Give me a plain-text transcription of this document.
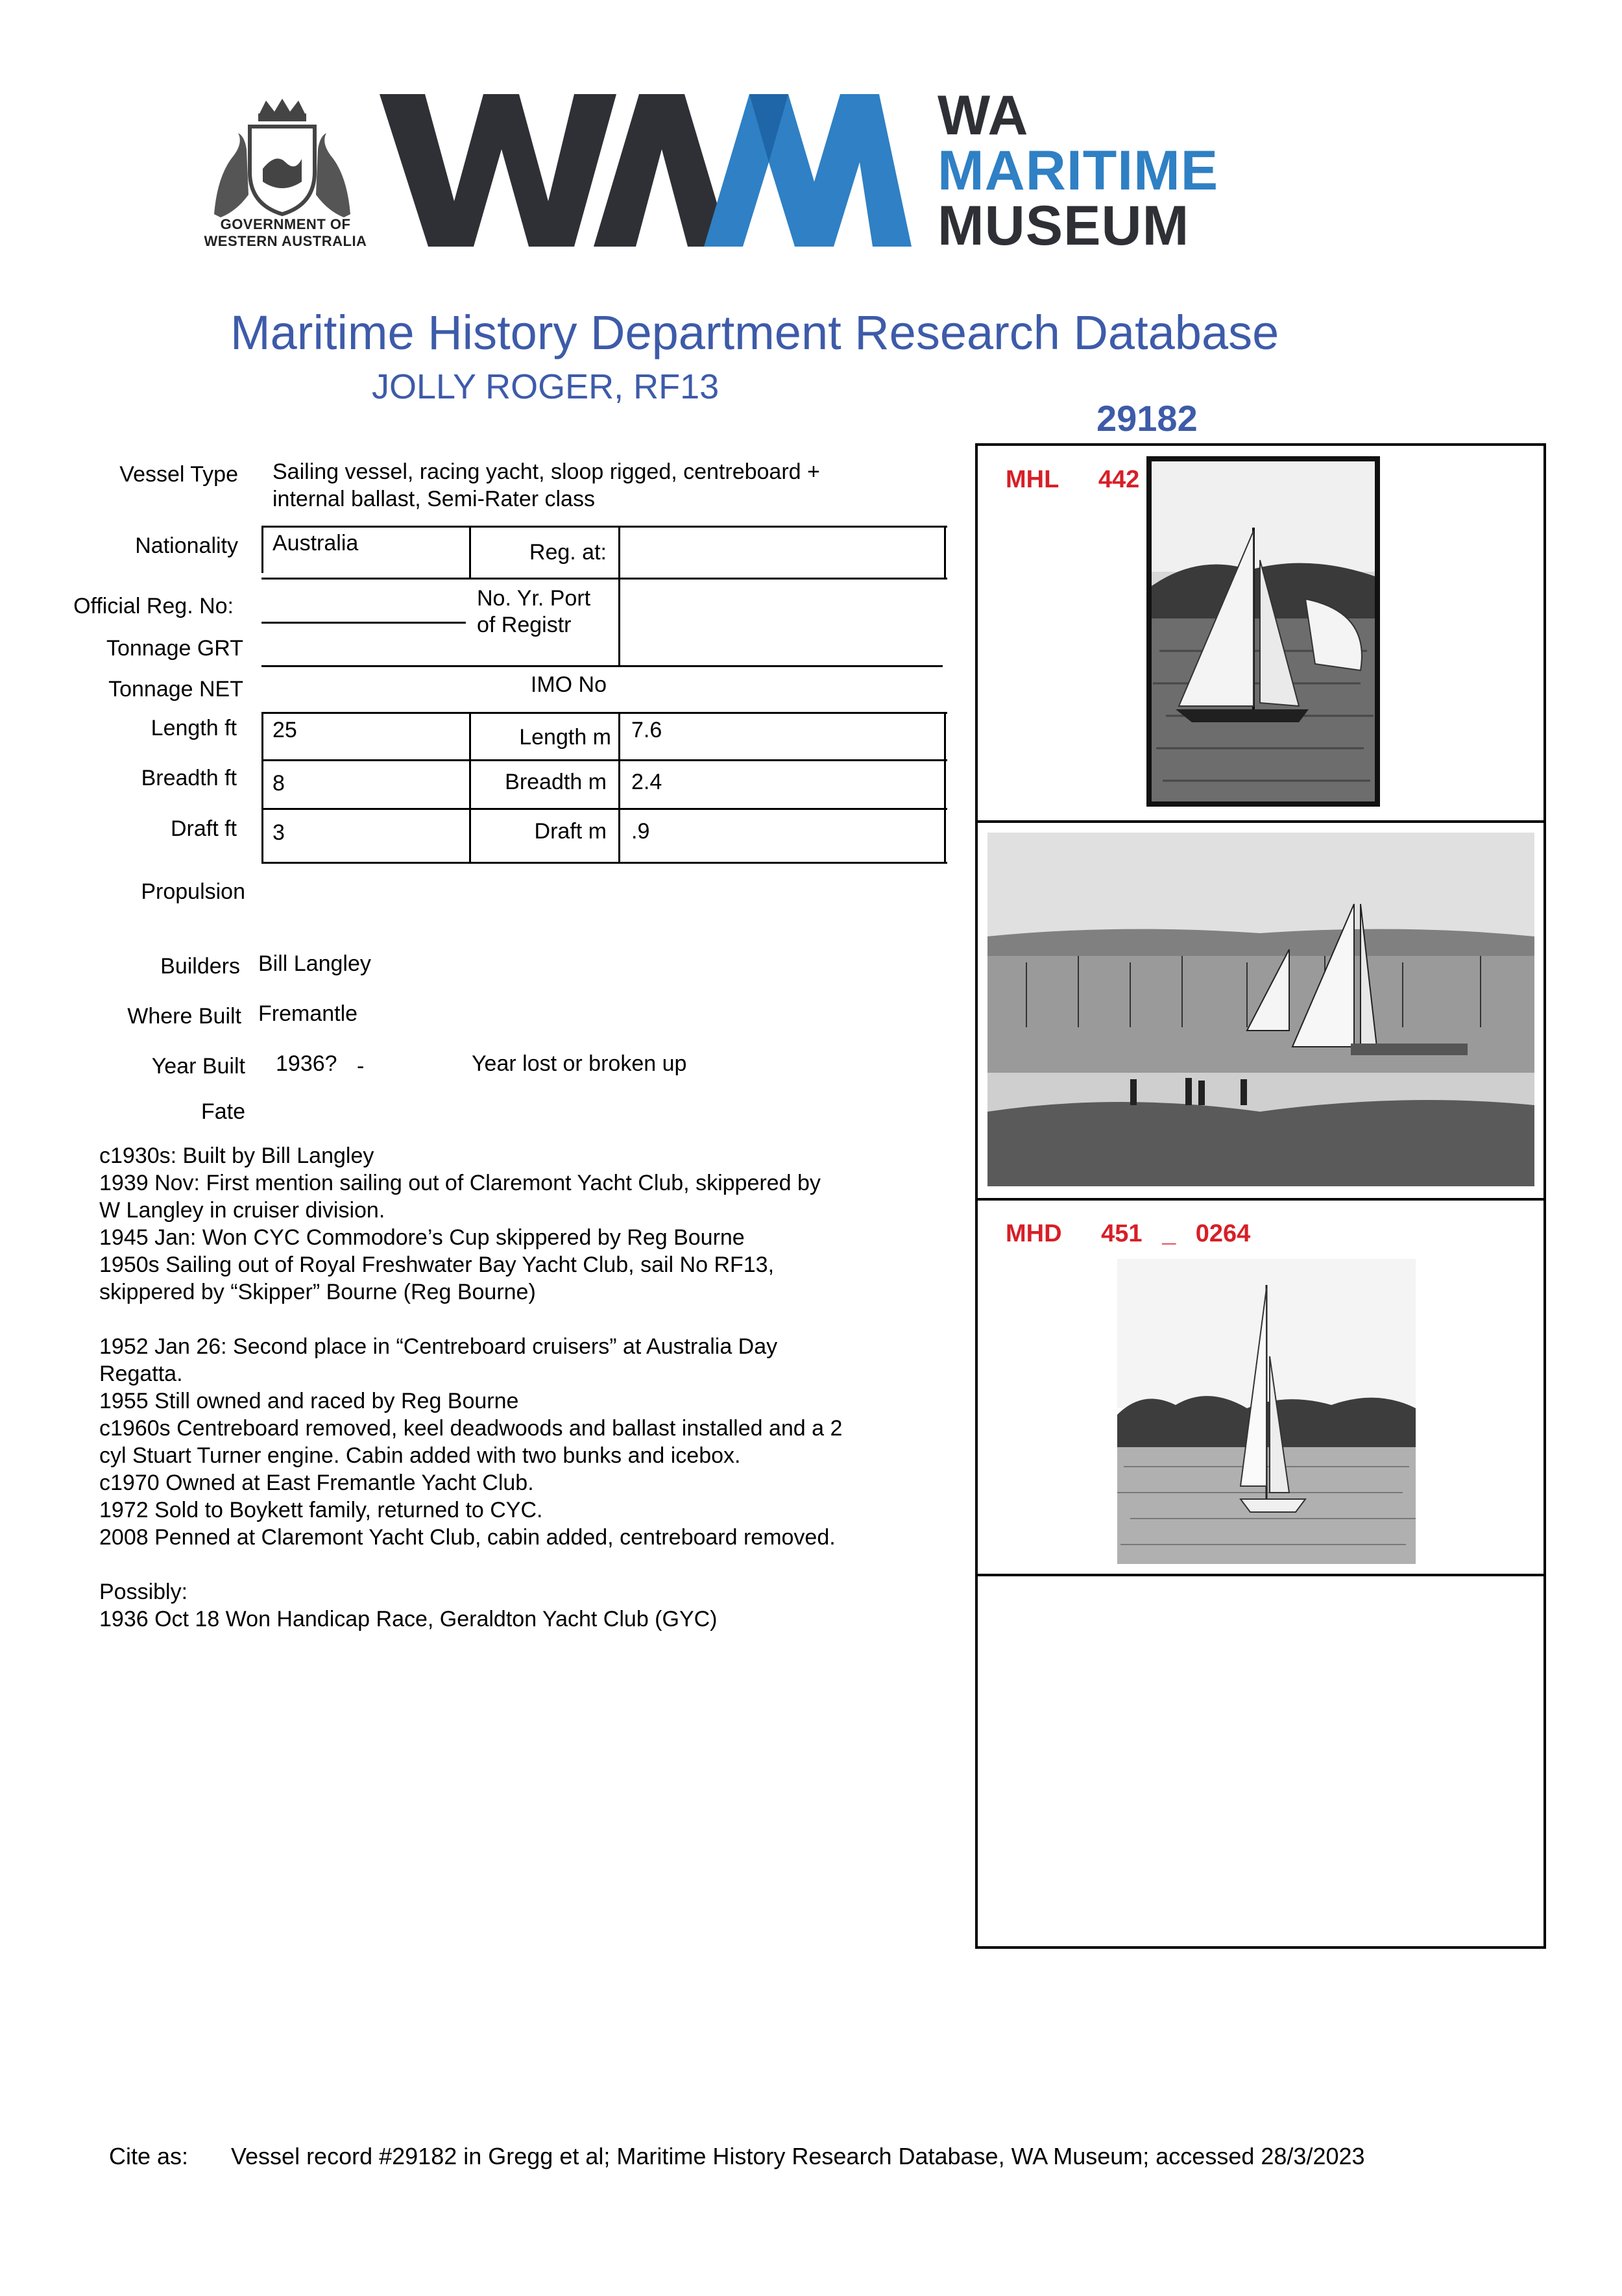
GOVERNMENT OF
WESTERN AUSTRALIA
WA
MARITIME
MUSEUM
Maritime History Department Research Database
JOLLY ROGER, RF13
29182
Vessel Type Sailing vessel, racing yacht, sloop rigged, centreboard +
internal ballast, Semi-Rater class
Nationality Australia	Reg. at:
Official Reg. No:	No. Yr. Port
of Registr
Tonnage GRT
Tonnage NET	IMO No
Length ft 25	Length m 7.6
Breadth ft 8	Breadth m 2.4
Draft ft 3	Draft m .9
Propulsion
Builders Bill Langley
Where Built Fremantle
Year Built 1936? -	Year lost or broken up
Fate

c1930s: Built by Bill Langley

1939 Nov: First mention sailing out of Claremont Yacht Club, skippered by

W Langley in cruiser division.

1945 Jan: Won CYC Commodore’s Cup skippered by Reg Bourne

1950s Sailing out of Royal Freshwater Bay Yacht Club, sail No RF13,

skippered by “Skipper” Bourne (Reg Bourne)

1952 Jan 26: Second place in “Centreboard cruisers” at Australia Day

Regatta.

1955 Still owned and raced by Reg Bourne

c1960s Centreboard removed, keel deadwoods and ballast installed and a 2

cyl Stuart Turner engine. Cabin added with two bunks and icebox.

c1970 Owned at East Fremantle Yacht Club.

1972 Sold to Boykett family, returned to CYC.

2008 Penned at Claremont Yacht Club, cabin added, centreboard removed.

Possibly:

1936 Oct 18 Won Handicap Race, Geraldton Yacht Club (GYC)

MHL 442

MHD 451 _ 0264
Cite as: Vessel record #29182 in Gregg et al; Maritime History Research Database, WA Museum; accessed 28/3/2023
